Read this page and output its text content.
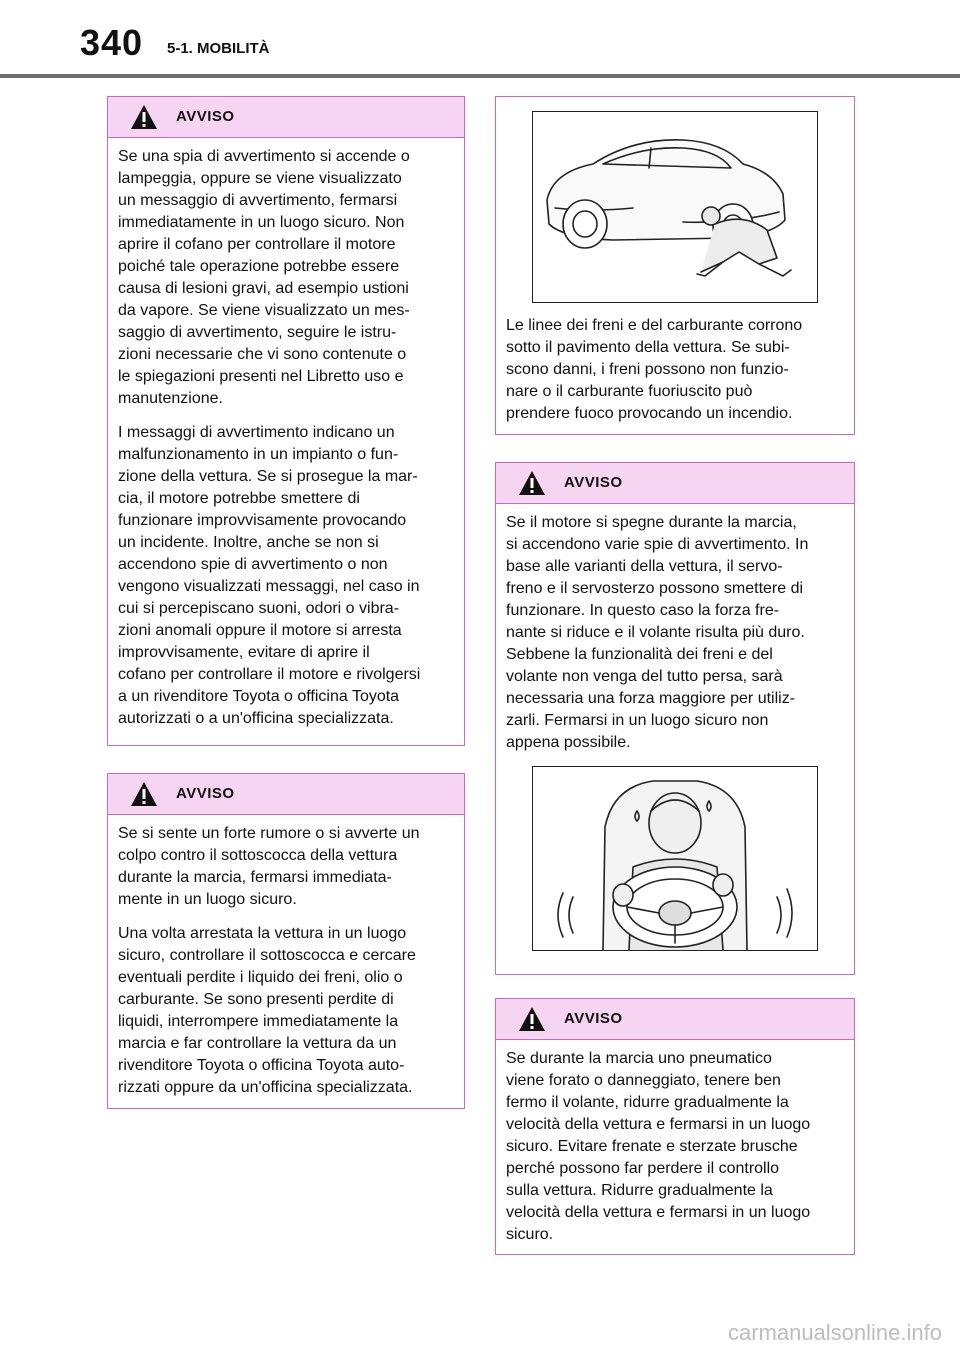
340 5-1. MOBILITÀ
AVVISO

Se una spia di avvertimento si accende o
lampeggia, oppure se viene visualizzato
un messaggio di avvertimento, fermarsi
immediatamente in un luogo sicuro. Non
aprire il cofano per controllare il motore
poiché tale operazione potrebbe essere
causa di lesioni gravi, ad esempio ustioni
da vapore. Se viene visualizzato un mes-
saggio di avvertimento, seguire le istru-
zioni necessarie che vi sono contenute o
le spiegazioni presenti nel Libretto uso e
manutenzione.

I messaggi di avvertimento indicano un
malfunzionamento in un impianto o fun-
zione della vettura. Se si prosegue la mar-
cia, il motore potrebbe smettere di
funzionare improvvisamente provocando
un incidente. Inoltre, anche se non si
accendono spie di avvertimento o non
vengono visualizzati messaggi, nel caso in
cui si percepiscano suoni, odori o vibra-
zioni anomali oppure il motore si arresta
improvvisamente, evitare di aprire il
cofano per controllare il motore e rivolgersi
a un rivenditore Toyota o officina Toyota
autorizzati o a un'officina specializzata.

AVVISO

Se si sente un forte rumore o si avverte un
colpo contro il sottoscocca della vettura
durante la marcia, fermarsi immediata-
mente in un luogo sicuro.

Una volta arrestata la vettura in un luogo
sicuro, controllare il sottoscocca e cercare
eventuali perdite i liquido dei freni, olio o
carburante. Se sono presenti perdite di
liquidi, interrompere immediatamente la
marcia e far controllare la vettura da un
rivenditore Toyota o officina Toyota auto-
rizzati oppure da un'officina specializzata.

Le linee dei freni e del carburante corrono
sotto il pavimento della vettura. Se subi-
scono danni, i freni possono non funzio-
nare o il carburante fuoriuscito può
prendere fuoco provocando un incendio.

AVVISO

Se il motore si spegne durante la marcia,
si accendono varie spie di avvertimento. In
base alle varianti della vettura, il servo-
freno e il servosterzo possono smettere di
funzionare. In questo caso la forza fre-
nante si riduce e il volante risulta più duro.
Sebbene la funzionalità dei freni e del
volante non venga del tutto persa, sarà
necessaria una forza maggiore per utiliz-
zarli. Fermarsi in un luogo sicuro non
appena possibile.

AVVISO

Se durante la marcia uno pneumatico
viene forato o danneggiato, tenere ben
fermo il volante, ridurre gradualmente la
velocità della vettura e fermarsi in un luogo
sicuro. Evitare frenate e sterzate brusche
perché possono far perdere il controllo
sulla vettura. Ridurre gradualmente la
velocità della vettura e fermarsi in un luogo
sicuro.

carmanualsonline.info
